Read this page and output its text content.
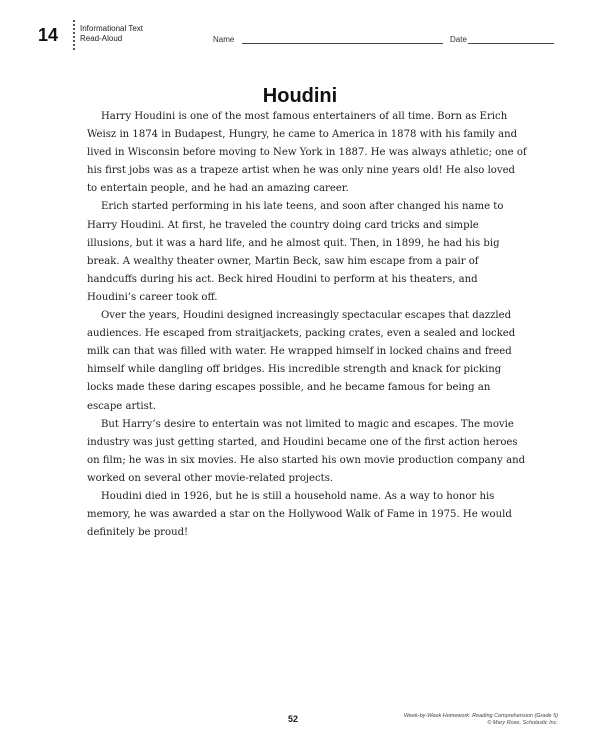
14	Informational Text
Read-Aloud	Name	Date
Houdini

Harry Houdini is one of the most famous entertainers of all time. Born as Erich Weisz in 1874 in Budapest, Hungry, he came to America in 1878 with his family and lived in Wisconsin before moving to New York in 1887. He was always athletic; one of his first jobs was as a trapeze artist when he was only nine years old! He also loved to entertain people, and he had an amazing career.

Erich started performing in his late teens, and soon after changed his name to Harry Houdini. At first, he traveled the country doing card tricks and simple illusions, but it was a hard life, and he almost quit. Then, in 1899, he had his big break. A wealthy theater owner, Martin Beck, saw him escape from a pair of handcuffs during his act. Beck hired Houdini to perform at his theaters, and Houdini’s career took off.

Over the years, Houdini designed increasingly spectacular escapes that dazzled audiences. He escaped from straitjackets, packing crates, even a sealed and locked milk can that was filled with water. He wrapped himself in locked chains and freed himself while dangling off bridges. His incredible strength and knack for picking locks made these daring escapes possible, and he became famous for being an escape artist.

But Harry’s desire to entertain was not limited to magic and escapes. The movie industry was just getting started, and Houdini became one of the first action heroes on film; he was in six movies. He also started his own movie production company and worked on several other movie-related projects.

Houdini died in 1926, but he is still a household name. As a way to honor his memory, he was awarded a star on the Hollywood Walk of Fame in 1975. He would definitely be proud!

52	Week-by-Week Homework: Reading Comprehension (Grade 5)
© Mary Rose, Scholastic Inc.
